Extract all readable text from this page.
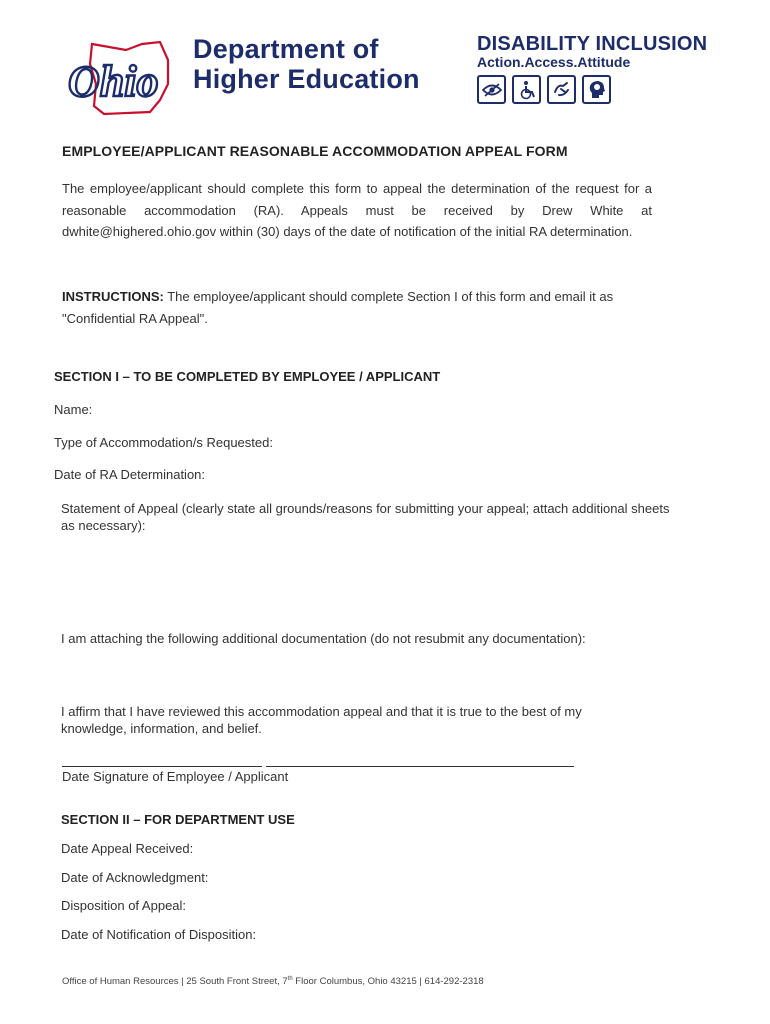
Ohio
Department of
Higher Education
DISABILITY INCLUSION
Action.Access.Attitude
EMPLOYEE/APPLICANT REASONABLE ACCOMMODATION APPEAL FORM
The employee/applicant should complete this form to appeal the determination of the request for a reasonable accommodation (RA). Appeals must be received by Drew White at dwhite@highered.ohio.gov within (30) days of the date of notification of the initial RA determination.
INSTRUCTIONS: The employee/applicant should complete Section I of this form and email it as "Confidential RA Appeal".
SECTION I – TO BE COMPLETED BY EMPLOYEE / APPLICANT
Name:
Type of Accommodation/s Requested:
Date of RA Determination:
Statement of Appeal (clearly state all grounds/reasons for submitting your appeal; attach additional sheets as necessary):
I am attaching the following additional documentation (do not resubmit any documentation):
I affirm that I have reviewed this accommodation appeal and that it is true to the best of my knowledge, information, and belief.
Date Signature of Employee / Applicant
SECTION II – FOR DEPARTMENT USE
Date Appeal Received:
Date of Acknowledgment:
Disposition of Appeal:
Date of Notification of Disposition:
Office of Human Resources | 25 South Front Street, 7th Floor Columbus, Ohio 43215 | 614-292-2318
